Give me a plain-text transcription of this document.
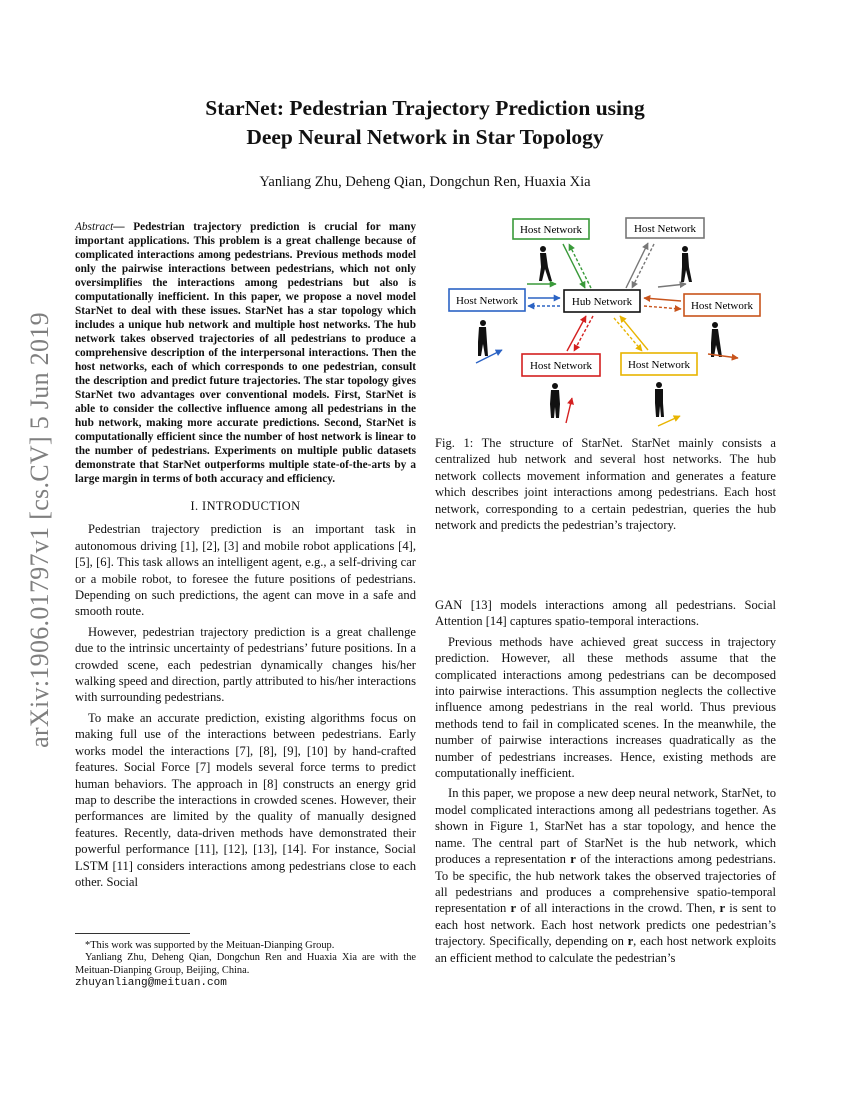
arXiv:1906.01797v1 [cs.CV] 5 Jun 2019
StarNet: Pedestrian Trajectory Prediction using
Deep Neural Network in Star Topology
Yanliang Zhu, Deheng Qian, Dongchun Ren, Huaxia Xia
Abstract— Pedestrian trajectory prediction is crucial for many important applications. This problem is a great challenge because of complicated interactions among pedestrians. Previous methods model only the pairwise interactions between pedestrians, which not only oversimplifies the interactions among pedestrians but also is computationally inefficient. In this paper, we propose a novel model StarNet to deal with these issues. StarNet has a star topology which includes a unique hub network and multiple host networks. The hub network takes observed trajectories of all pedestrians to produce a comprehensive description of the interpersonal interactions. Then the host networks, each of which corresponds to one pedestrian, consult the description and predict future trajectories. The star topology gives StarNet two advantages over conventional models. First, StarNet is able to consider the collective influence among all pedestrians in the hub network, making more accurate predictions. Second, StarNet is computationally efficient since the number of host network is linear to the number of pedestrians. Experiments on multiple public datasets demonstrate that StarNet outperforms multiple state-of-the-arts by a large margin in terms of both accuracy and efficiency.
I. INTRODUCTION

Pedestrian trajectory prediction is an important task in autonomous driving [1], [2], [3] and mobile robot applications [4], [5], [6]. This task allows an intelligent agent, e.g., a self-driving car or a mobile robot, to foresee the future positions of pedestrians. Depending on such predictions, the agent can move in a safe and smooth route.

However, pedestrian trajectory prediction is a great challenge due to the intrinsic uncertainty of pedestrians’ future positions. In a crowded scene, each pedestrian dynamically changes his/her walking speed and direction, partly attributed to his/her interactions with surrounding pedestrians.

To make an accurate prediction, existing algorithms focus on making full use of the interactions between pedestrians. Early works model the interactions [7], [8], [9], [10] by hand-crafted features. Social Force [7] models several force terms to predict human behaviors. The approach in [8] constructs an energy grid map to describe the interactions in crowded scenes. However, their performances are limited by the quality of manually designed features. Recently, data-driven methods have demonstrated their powerful performance [11], [12], [13], [14]. For instance, Social LSTM [11] considers interactions among pedestrians close to each other. Social

*This work was supported by the Meituan-Dianping Group.
Yanliang Zhu, Deheng Qian, Dongchun Ren and Huaxia Xia are with the Meituan-Dianping Group, Beijing, China.
zhuyanliang@meituan.com
Hub Network
Host Network	Host Network
Host Network	Host Network
Host Network	Host Network
Fig. 1: The structure of StarNet. StarNet mainly consists a centralized hub network and several host networks. The hub network collects movement information and generates a feature which describes joint interactions among pedestrians. Each host network, corresponding to a certain pedestrian, queries the hub network and predicts the pedestrian’s trajectory.

GAN [13] models interactions among all pedestrians. Social Attention [14] captures spatio-temporal interactions.

Previous methods have achieved great success in trajectory prediction. However, all these methods assume that the complicated interactions among pedestrians can be decomposed into pairwise interactions. This assumption neglects the collective influence among pedestrians in the real world. Thus previous methods tend to fail in complicated scenes. In the meanwhile, the number of pairwise interactions increases quadratically as the number of pedestrians increases. Hence, existing methods are computationally inefficient.

In this paper, we propose a new deep neural network, StarNet, to model complicated interactions among all pedestrians together. As shown in Figure 1, StarNet has a star topology, and hence the name. The central part of StarNet is the hub network, which produces a representation r of the interactions among pedestrians. To be specific, the hub network takes the observed trajectories of all pedestrians and produces a comprehensive spatio-temporal representation r of all interactions in the crowd. Then, r is sent to each host network. Each host network predicts one pedestrian’s trajectory. Specifically, depending on r, each host network exploits an efficient method to calculate the pedestrian’s
